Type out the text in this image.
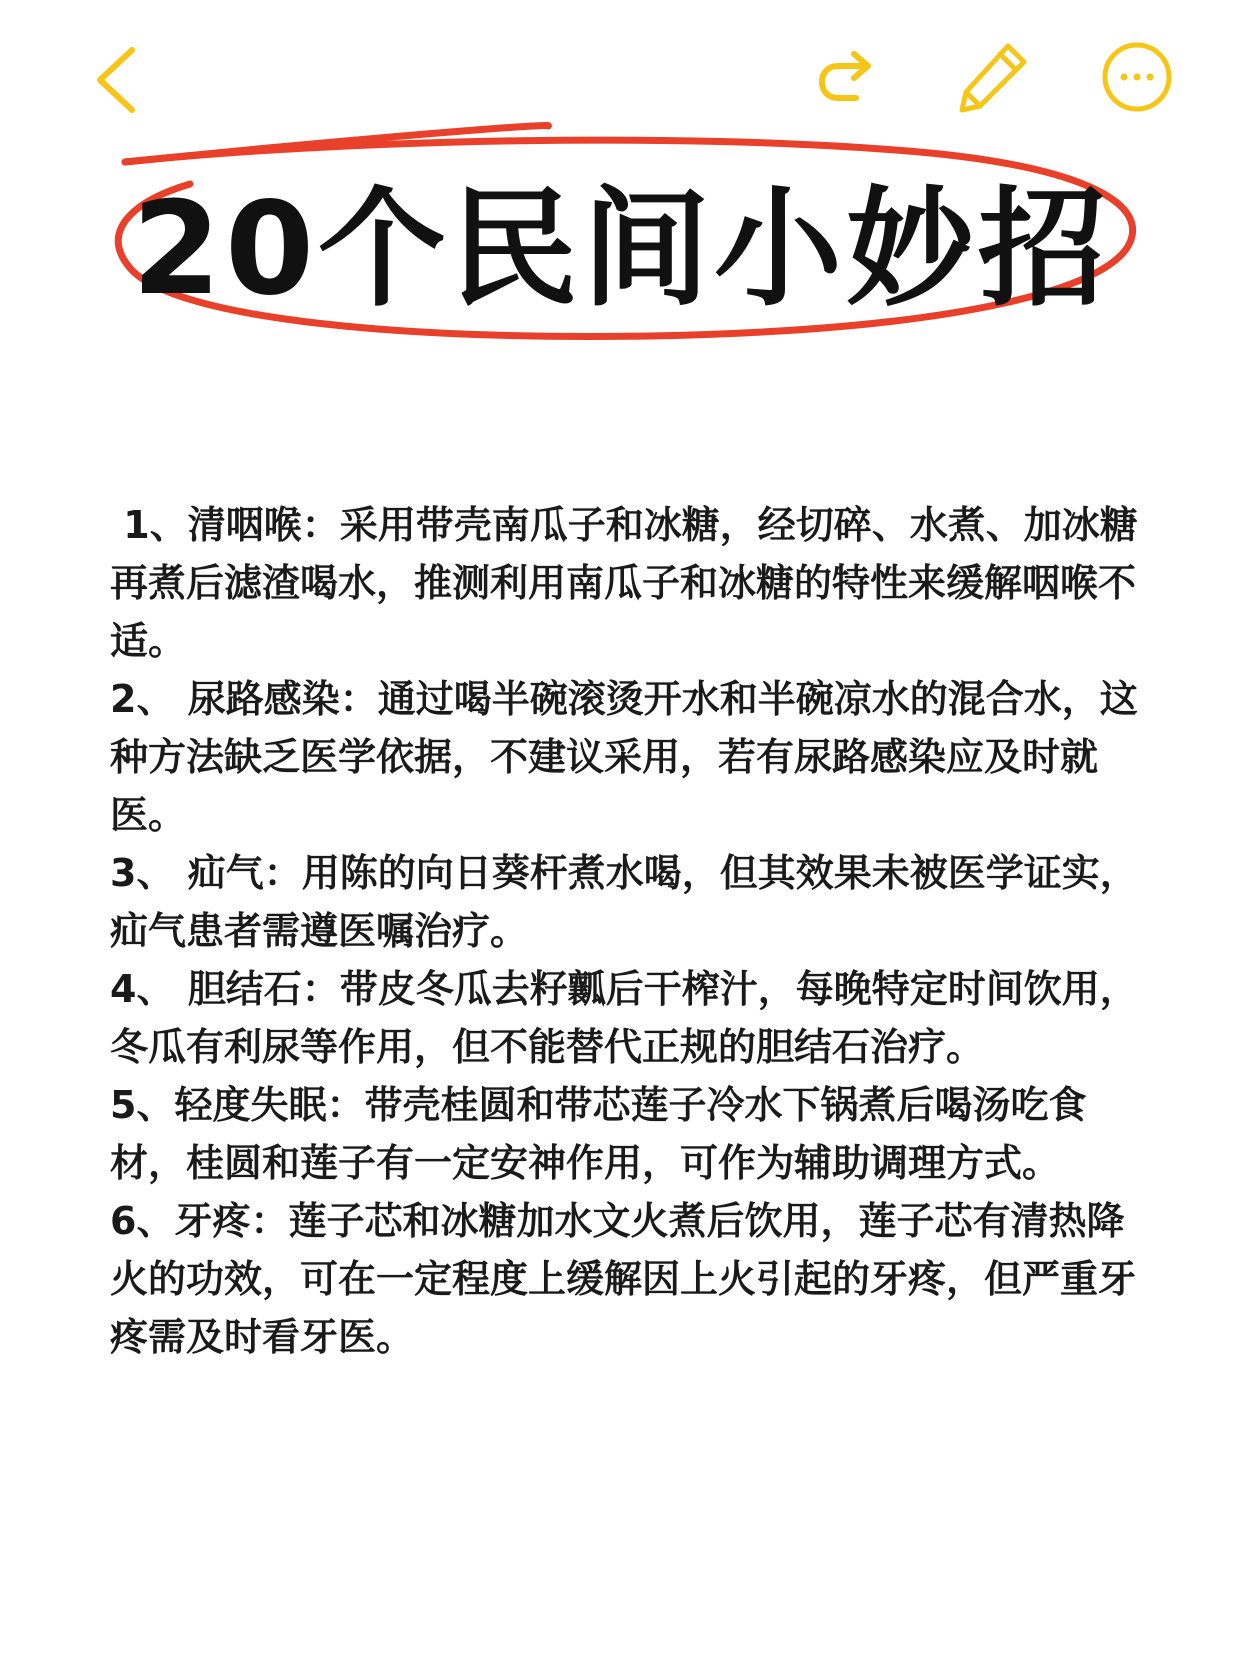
20个民间小妙招

1、清咽喉：采用带壳南瓜子和冰糖，经切碎、水煮、加冰糖再煮后滤渣喝水，推测利用南瓜子和冰糖的特性来缓解咽喉不适。

2、 尿路感染：通过喝半碗滚烫开水和半碗凉水的混合水，这种方法缺乏医学依据，不建议采用，若有尿路感染应及时就医。

3、 疝气：用陈的向日葵杆煮水喝，但其效果未被医学证实，疝气患者需遵医嘱治疗。

4、 胆结石：带皮冬瓜去籽瓤后干榨汁，每晚特定时间饮用，冬瓜有利尿等作用，但不能替代正规的胆结石治疗。

5、轻度失眠：带壳桂圆和带芯莲子冷水下锅煮后喝汤吃食材，桂圆和莲子有一定安神作用，可作为辅助调理方式。

6、牙疼：莲子芯和冰糖加水文火煮后饮用，莲子芯有清热降火的功效，可在一定程度上缓解因上火引起的牙疼，但严重牙疼需及时看牙医。
